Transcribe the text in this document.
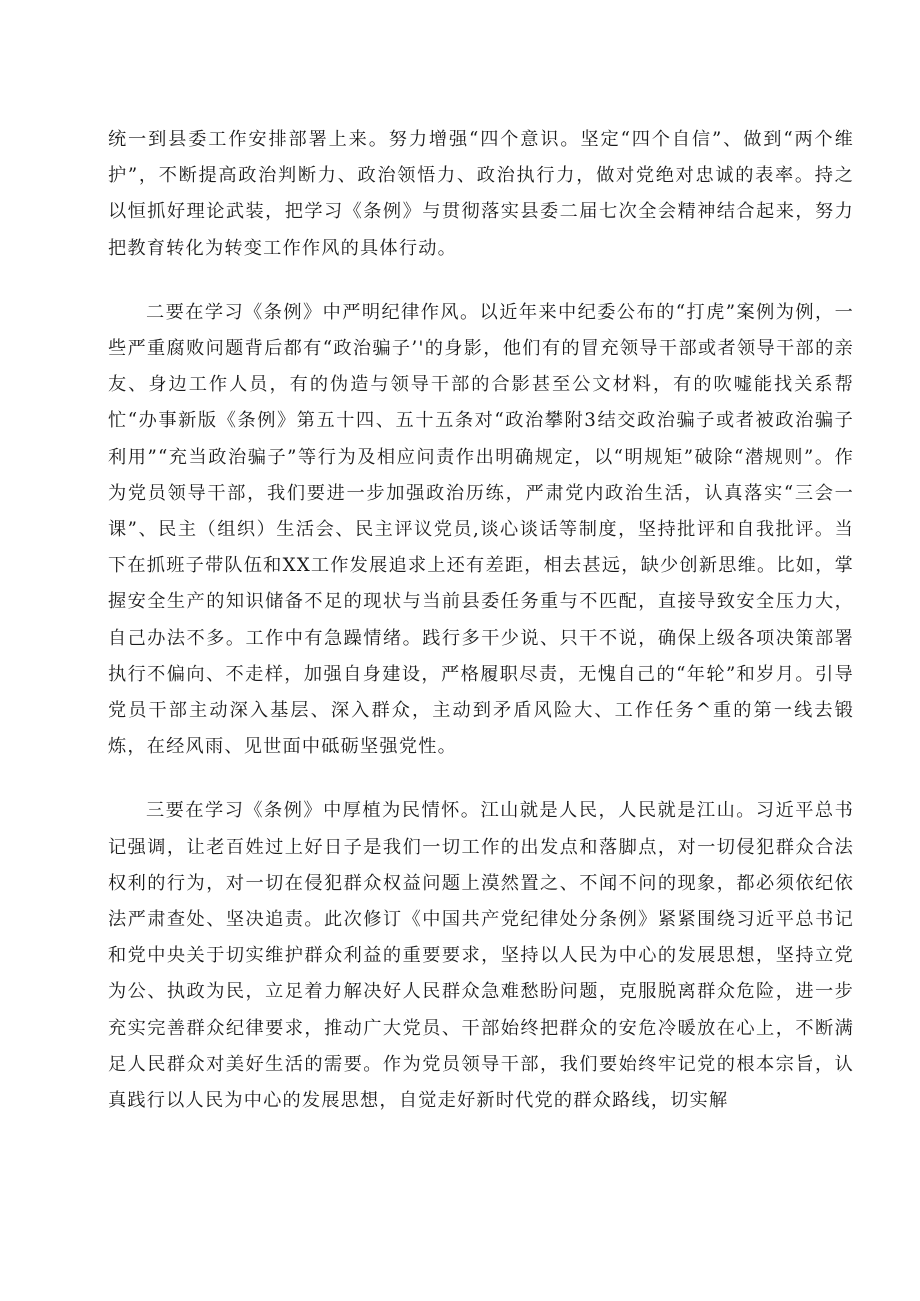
统一到县委工作安排部署上来。努力增强“四个意识。坚定“四个自信”、做到“两个维护”，不断提高政治判断力、政治领悟力、政治执行力，做对党绝对忠诚的表率。持之以恒抓好理论武装，把学习《条例》与贯彻落实县委二届七次全会精神结合起来，努力把教育转化为转变工作作风的具体行动。

二要在学习《条例》中严明纪律作风。以近年来中纪委公布的“打虎”案例为例，一些严重腐败问题背后都有“政治骗子’'的身影，他们有的冒充领导干部或者领导干部的亲友、身边工作人员，有的伪造与领导干部的合影甚至公文材料，有的吹嘘能找关系帮忙“办事新版《条例》第五十四、五十五条对“政治攀附3结交政治骗子或者被政治骗子利用”“充当政治骗子”等行为及相应问责作出明确规定，以“明规矩”破除“潜规则”。作为党员领导干部，我们要进一步加强政治历练，严肃党内政治生活，认真落实“三会一课”、民主（组织）生活会、民主评议党员,谈心谈话等制度，坚持批评和自我批评。当下在抓班子带队伍和XX工作发展追求上还有差距，相去甚远，缺少创新思维。比如，掌握安全生产的知识储备不足的现状与当前县委任务重与不匹配，直接导致安全压力大，自己办法不多。工作中有急躁情绪。践行多干少说、只干不说，确保上级各项决策部署执行不偏向、不走样，加强自身建设，严格履职尽责，无愧自己的“年轮”和岁月。引导党员干部主动深入基层、深入群众，主动到矛盾风险大、工作任务^重的第一线去锻炼，在经风雨、见世面中砥砺坚强党性。

三要在学习《条例》中厚植为民情怀。江山就是人民，人民就是江山。习近平总书记强调，让老百姓过上好日子是我们一切工作的出发点和落脚点，对一切侵犯群众合法权利的行为，对一切在侵犯群众权益问题上漠然置之、不闻不问的现象，都必须依纪依法严肃查处、坚决追责。此次修订《中国共产党纪律处分条例》紧紧围绕习近平总书记和党中央关于切实维护群众利益的重要要求，坚持以人民为中心的发展思想，坚持立党为公、执政为民，立足着力解决好人民群众急难愁盼问题，克服脱离群众危险，进一步充实完善群众纪律要求，推动广大党员、干部始终把群众的安危冷暖放在心上，不断满足人民群众对美好生活的需要。作为党员领导干部，我们要始终牢记党的根本宗旨，认真践行以人民为中心的发展思想，自觉走好新时代党的群众路线，切实解
